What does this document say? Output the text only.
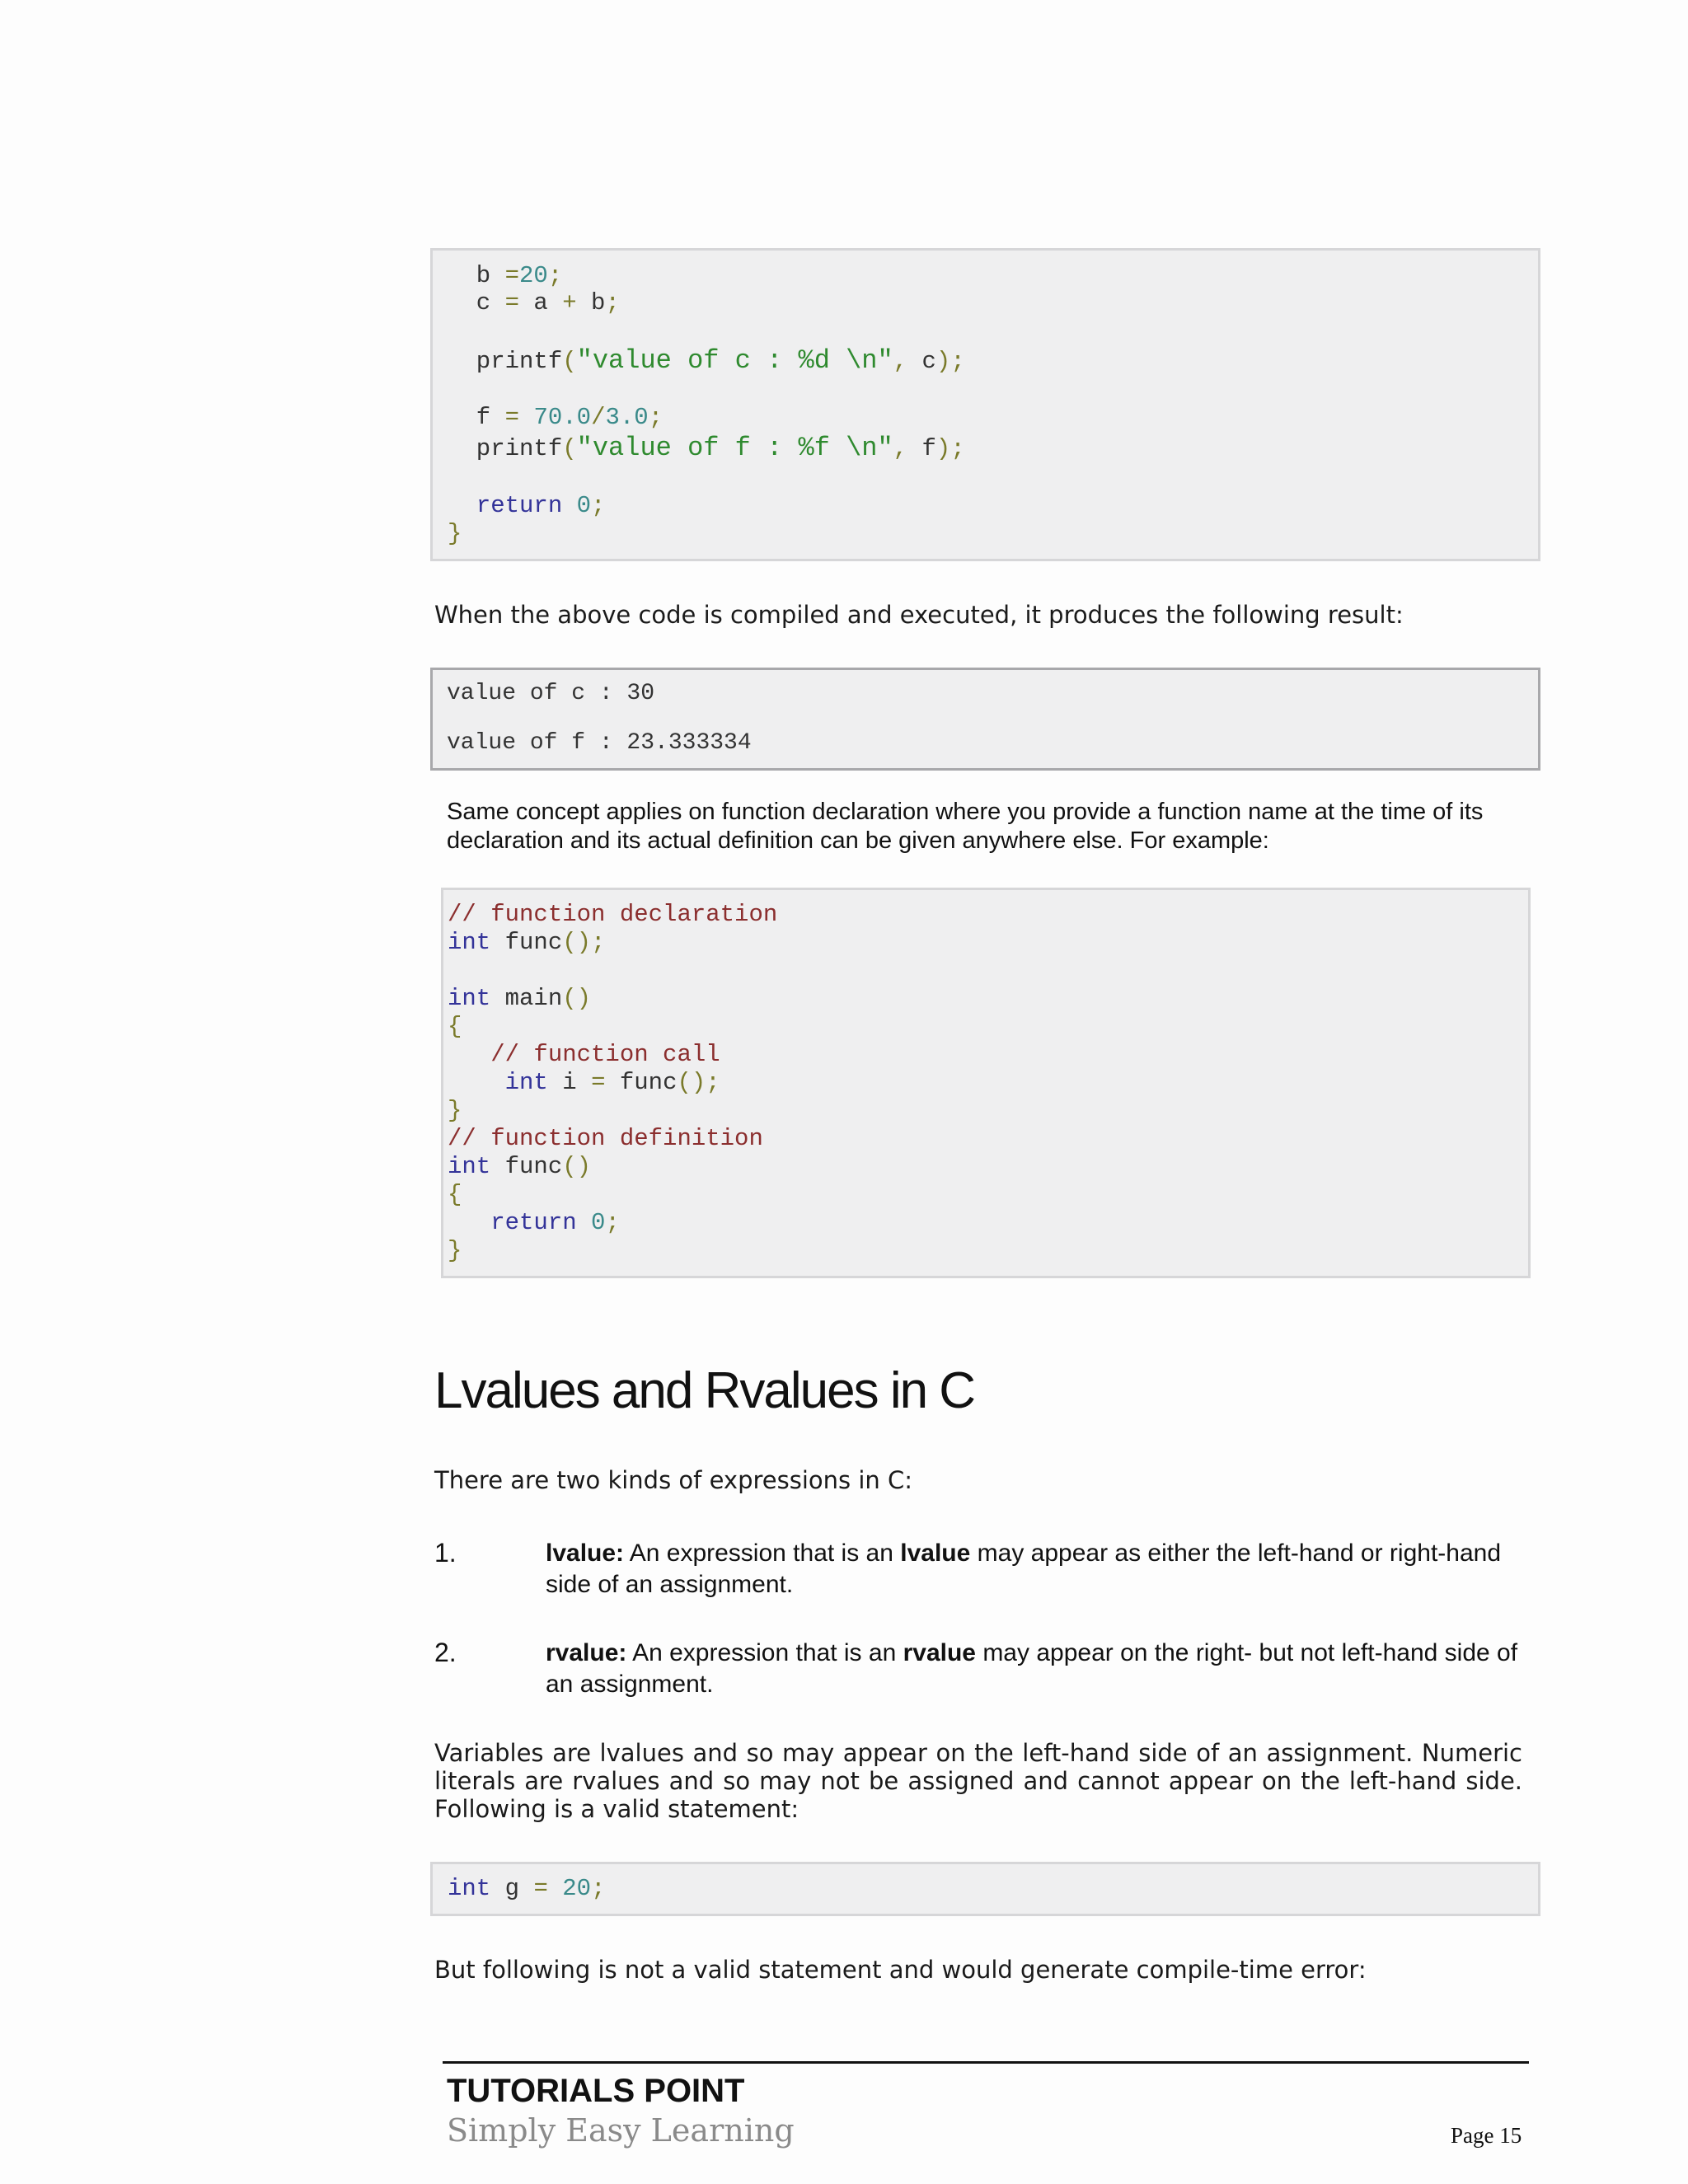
b =20;
c = a + b;
printf("value of c : %d \n", c);
f = 70.0/3.0;
printf("value of f : %f \n", f);
return 0;
}
When the above code is compiled and executed, it produces the following result:
value of c : 30
value of f : 23.333334
Same concept applies on function declaration where you provide a function name at the time of its declaration and its actual definition can be given anywhere else. For example:
// function declaration
int func();
int main()
{
// function call
int i = func();
}
// function definition
int func()
{
return 0;
}
Lvalues and Rvalues in C
There are two kinds of expressions in C:
1.	lvalue: An expression that is an lvalue may appear as either the left-hand or right-hand side of an assignment.
2.	rvalue: An expression that is an rvalue may appear on the right- but not left-hand side of an assignment.
Variables are lvalues and so may appear on the left-hand side of an assignment. Numeric literals are rvalues and so may not be assigned and cannot appear on the left-hand side. Following is a valid statement:
int g = 20;
But following is not a valid statement and would generate compile-time error:
TUTORIALS POINT
Simply Easy Learning	Page 15
